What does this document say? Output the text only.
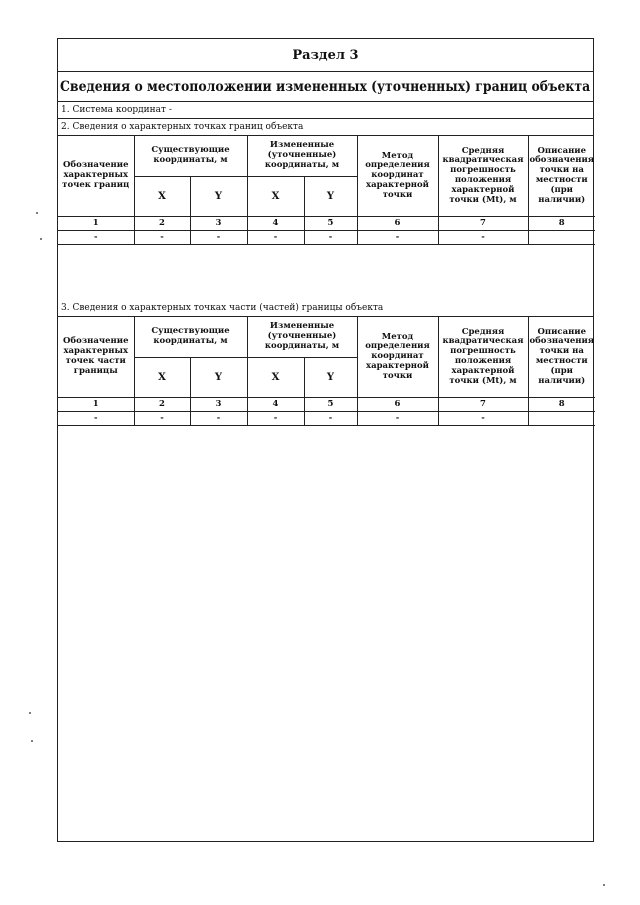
Раздел 3
Сведения о местоположении измененных (уточненных) границ объекта
1. Система координат -
2. Сведения о характерных точках границ объекта
Обозначение характерных точек границ	Существующие координаты, м		Измененные (уточненные) координаты, м		Метод определения координат характерной точки	Средняя квадратическая погрешность положения характерной точки (Mt), м	Описание обозначения точки на местности (при наличии)
	X	Y	X	Y			
1	2	3	4	5	6	7	8
-	-	-	-	-	-	-	
3. Сведения о характерных точках части (частей) границы объекта
Обозначение характерных точек части границы	Существующие координаты, м		Измененные (уточненные) координаты, м		Метод определения координат характерной точки	Средняя квадратическая погрешность положения характерной точки (Mt), м	Описание обозначения точки на местности (при наличии)
	X	Y	X	Y			
1	2	3	4	5	6	7	8
-	-	-	-	-	-	-	
